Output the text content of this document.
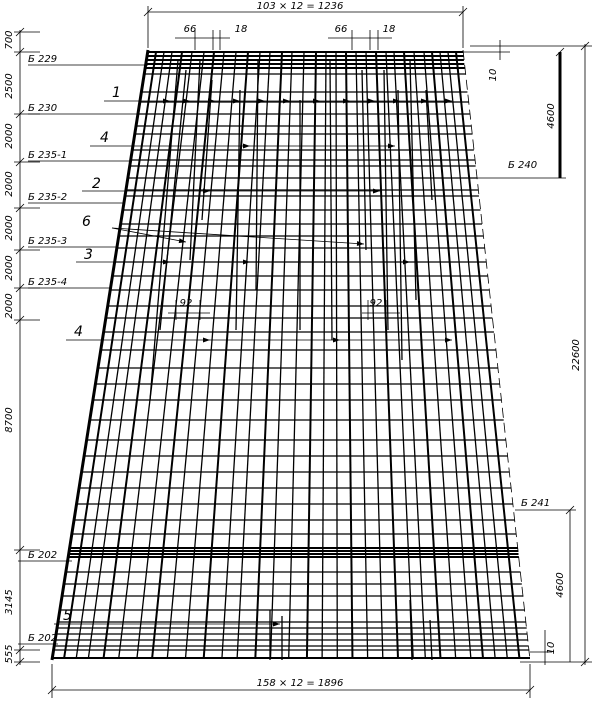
103 × 12 = 1236
66	18	66	18
158 × 12 = 1896
700
2500
2000
2000
2000
2000
2000
8700
3145
555
Б 229
Б 230
Б 235-1
Б 235-2
Б 235-3
Б 235-4
Б 202
Б 202
22600
4600
10
Б 240
Б 241
4600
10
92	92
1
4
2
6
3
4
5
